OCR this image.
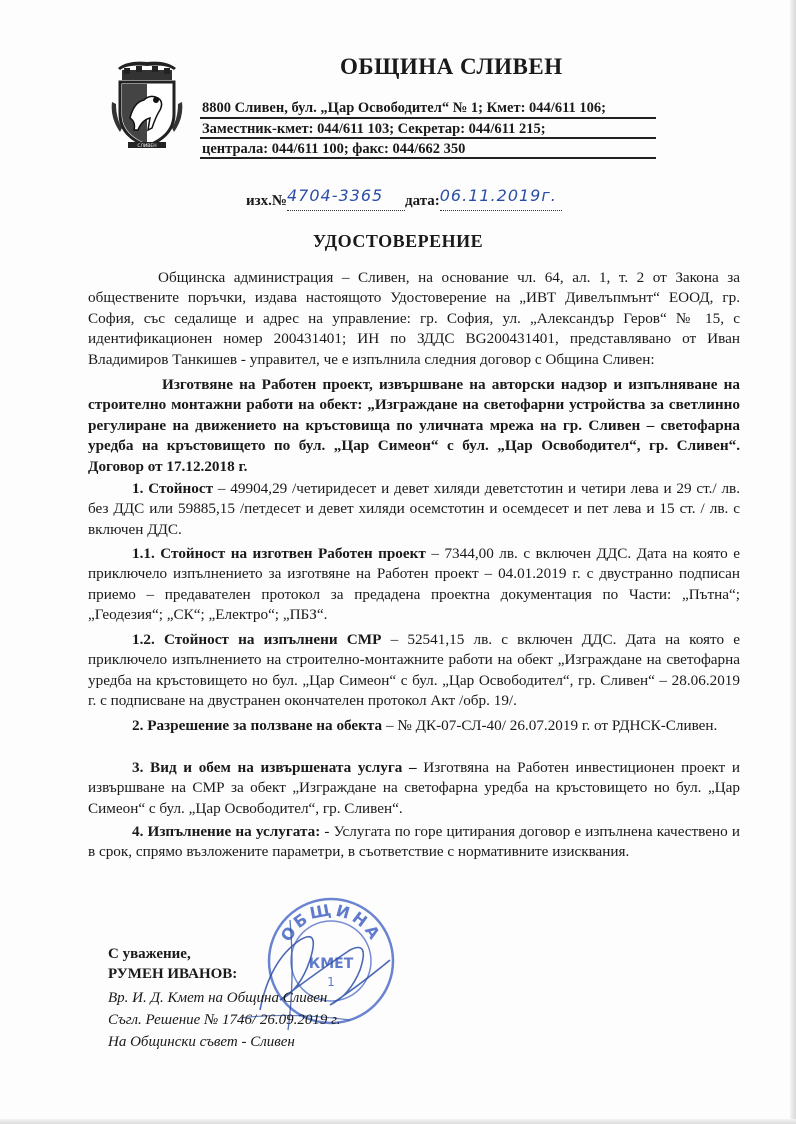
СЛИВЕН
ОБЩИНА СЛИВЕН
8800 Сливен, бул. „Цар Освободител“ № 1; Кмет: 044/611 106;
Заместник-кмет: 044/611 103; Секретар: 044/611 215;
централа: 044/611 100; факс: 044/662 350
изх.№4704-3365 дата:06.11.2019г.
УДОСТОВЕРЕНИЕ
Общинска администрация – Сливен, на основание чл. 64, ал. 1, т. 2 от Закона за обществените поръчки, издава настоящото Удостоверение на „ИВТ Дивелъпмънт“ ЕООД, гр. София, със седалище и адрес на управление: гр. София, ул. „Александър Геров“ № 15, с идентификационен номер 200431401; ИН по ЗДДС BG200431401, представлявано от Иван Владимиров Танкишев - управител, че е изпълнила следния договор с Община Сливен:
Изготвяне на Работен проект, извършване на авторски надзор и изпълняване на строително монтажни работи на обект: „Изграждане на светофарни устройства за светлинно регулиране на движението на кръстовища по уличната мрежа на гр. Сливен – светофарна уредба на кръстовището по бул. „Цар Симеон“ с бул. „Цар Освободител“, гр. Сливен“. Договор от 17.12.2018 г.
1. Стойност – 49904,29 /четиридесет и девет хиляди деветстотин и четири лева и 29 ст./ лв. без ДДС или 59885,15 /петдесет и девет хиляди осемстотин и осемдесет и пет лева и 15 ст. / лв. с включен ДДС.
1.1. Стойност на изготвен Работен проект – 7344,00 лв. с включен ДДС. Дата на която е приключело изпълнението за изготвяне на Работен проект – 04.01.2019 г. с двустранно подписан приемо – предавателен протокол за предадена проектна документация по Части: „Пътна“; „Геодезия“; „СК“; „Електро“; „ПБЗ“.
1.2. Стойност на изпълнени СМР – 52541,15 лв. с включен ДДС. Дата на която е приключело изпълнението на строително-монтажните работи на обект „Изграждане на светофарна уредба на кръстовището но бул. „Цар Симеон“ с бул. „Цар Освободител“, гр. Сливен“ – 28.06.2019 г. с подписване на двустранен окончателен протокол Акт /обр. 19/.
2. Разрешение за ползване на обекта – № ДК-07-СЛ-40/ 26.07.2019 г. от РДНСК-Сливен.
3. Вид и обем на извършената услуга – Изготвяна на Работен инвестиционен проект и извършване на СМР за обект „Изграждане на светофарна уредба на кръстовището но бул. „Цар Симеон“ с бул. „Цар Освободител“, гр. Сливен“.
4. Изпълнение на услугата: - Услугата по горе цитирания договор е изпълнена качествено и в срок, спрямо възложените параметри, в съответствие с нормативните изисквания.
ОБЩИНА
КМЕТ
1
С уважение,
РУМЕН ИВАНОВ:
Вр. И. Д. Кмет на Община Сливен
Съгл. Решение № 1746/ 26.09.2019 г.
На Общински съвет - Сливен
